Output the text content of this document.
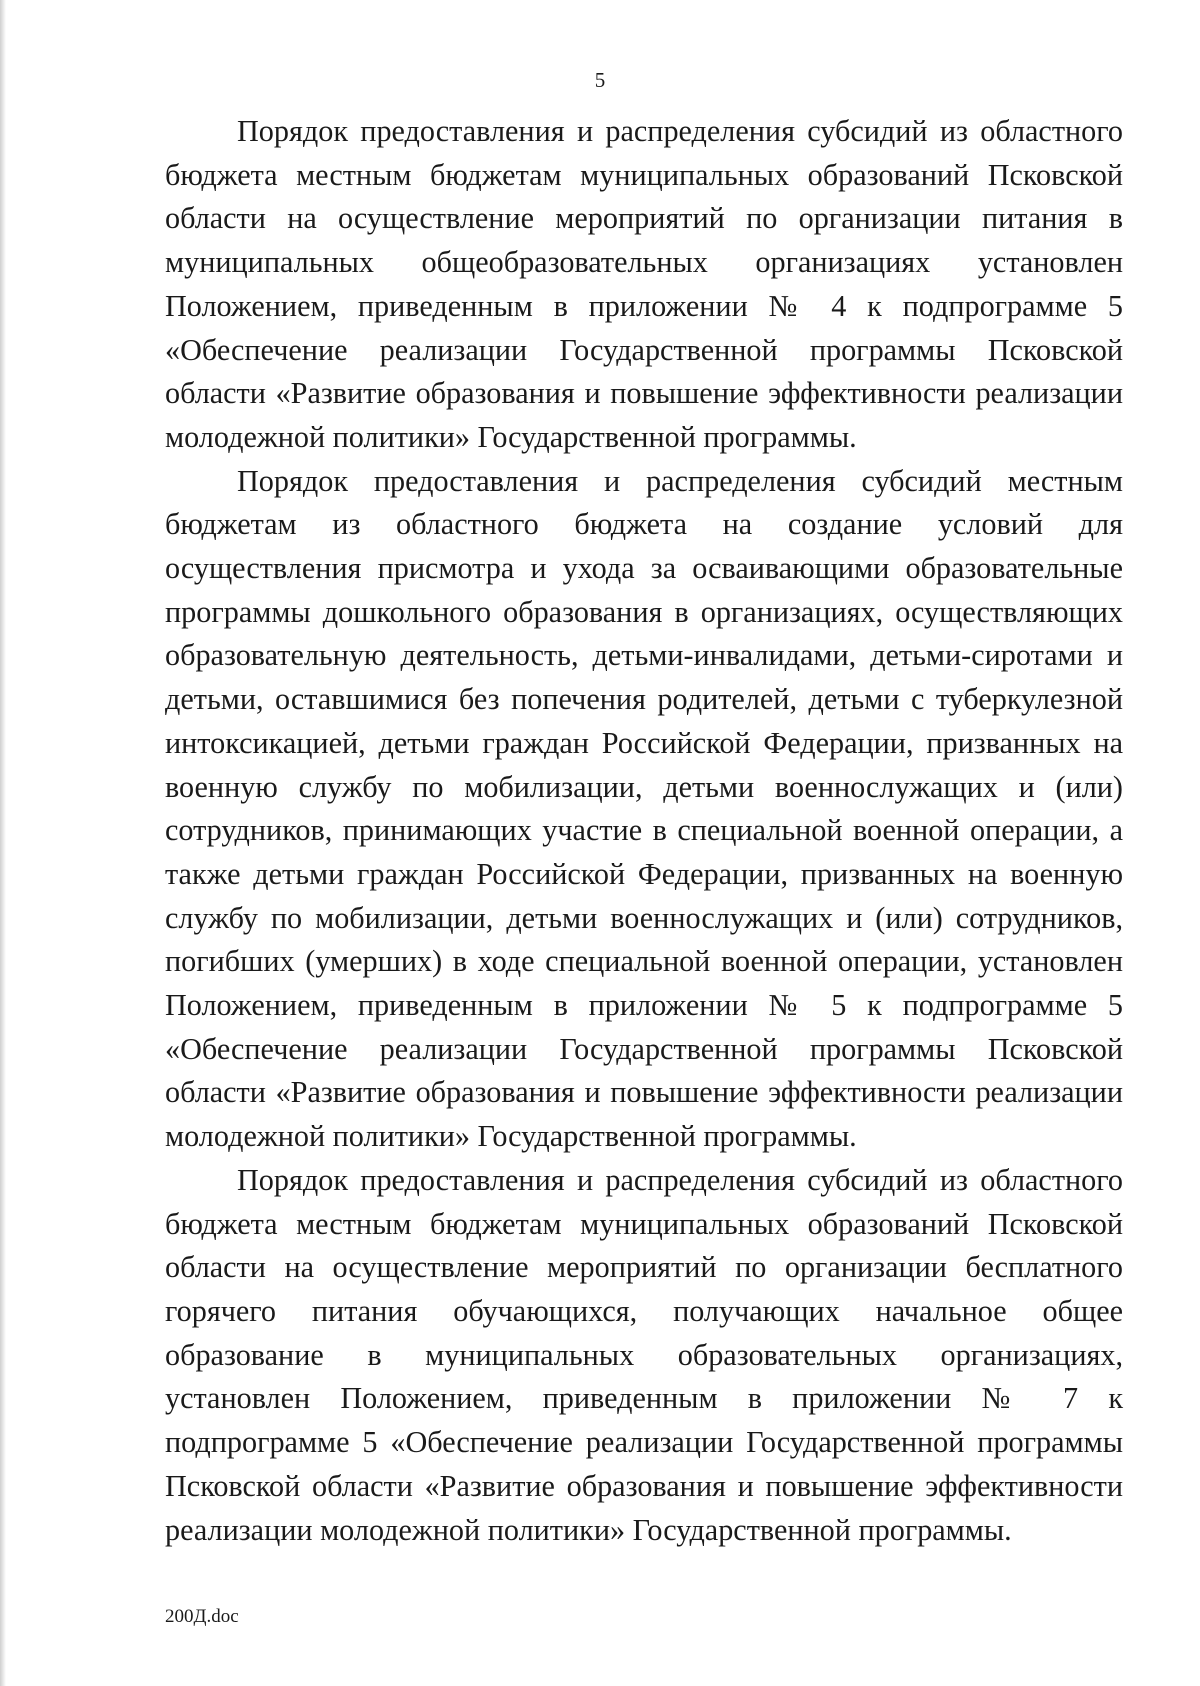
5

Порядок предоставления и распределения субсидий из областного бюджета местным бюджетам муниципальных образований Псковской области на осуществление мероприятий по организации питания в муниципальных общеобразовательных организациях установлен Положением, приведенным в приложении № 4 к подпрограмме 5 «Обеспечение реализации Государственной программы Псковской области «Развитие образования и повышение эффективности реализации молодежной политики» Государственной программы.

Порядок предоставления и распределения субсидий местным бюджетам из областного бюджета на создание условий для осуществления присмотра и ухода за осваивающими образовательные программы дошкольного образования в организациях, осуществляющих образовательную деятельность, детьми-инвалидами, детьми-сиротами и детьми, оставшимися без попечения родителей, детьми с туберкулезной интоксикацией, детьми граждан Российской Федерации, призванных на военную службу по мобилизации, детьми военнослужащих и (или) сотрудников, принимающих участие в специальной военной операции, а также детьми граждан Российской Федерации, призванных на военную службу по мобилизации, детьми военнослужащих и (или) сотрудников, погибших (умерших) в ходе специальной военной операции, установлен Положением, приведенным в приложении № 5 к подпрограмме 5 «Обеспечение реализации Государственной программы Псковской области «Развитие образования и повышение эффективности реализации молодежной политики» Государственной программы.

Порядок предоставления и распределения субсидий из областного бюджета местным бюджетам муниципальных образований Псковской области на осуществление мероприятий по организации бесплатного горячего питания обучающихся, получающих начальное общее образование в муниципальных образовательных организациях, установлен Положением, приведенным в приложении № 7 к подпрограмме 5 «Обеспечение реализации Государственной программы Псковской области «Развитие образования и повышение эффективности реализации молодежной политики» Государственной программы.

200Д.doc
